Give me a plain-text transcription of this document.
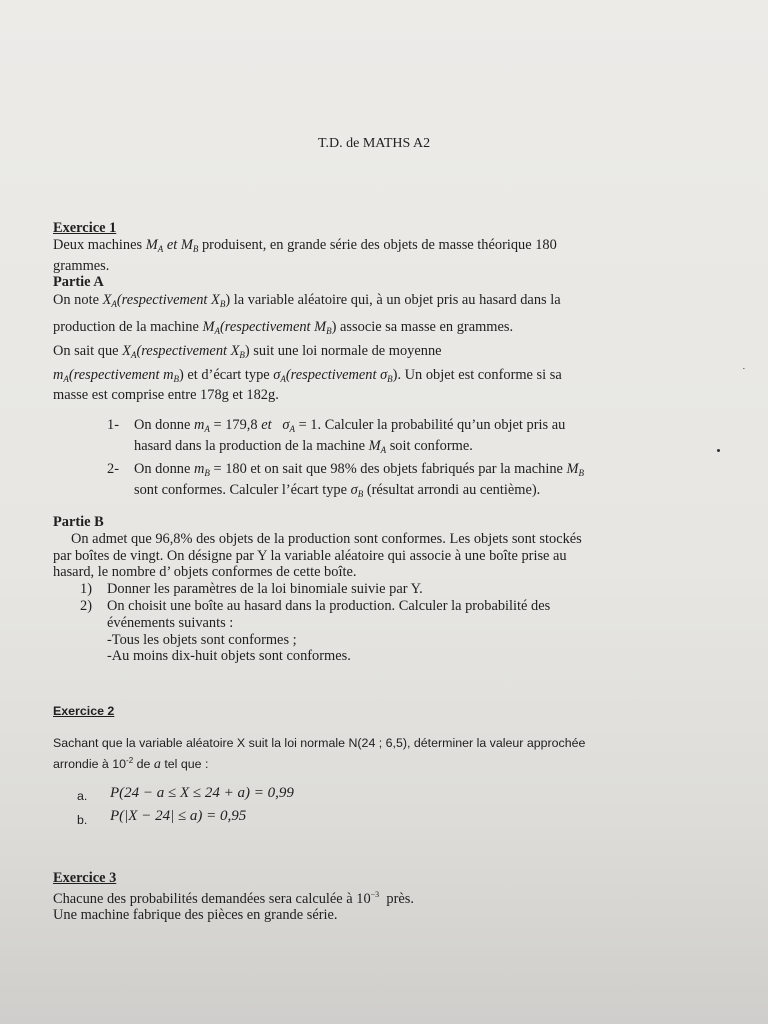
T.D. de MATHS A2
Exercice 1
Deux machines $M_A$ et $M_B$ produisent, en grande série des objets de masse théorique 180
grammes.
Partie A
On note $X_A(respectivement$ $X_B$) la variable aléatoire qui, à un objet pris au hasard dans la
production de la machine $M_A(respectivement$ $M_B$) associe sa masse en grammes.
On sait que $X_A(respectivement$ $X_B$) suit une loi normale de moyenne
$m_A(respectivement$ $m_B$) et d’écart type $\sigma_A(respectivement$ $\sigma_B$). Un objet est conforme si sa
masse est comprise entre 178g et 182g.
˙
1- On donne $m_A = 179,8$ et $\sigma_A = 1$. Calculer la probabilité qu’un objet pris au
hasard dans la production de la machine $M_A$ soit conforme.
2- On donne $m_B = 180$ et on sait que 98% des objets fabriqués par la machine $M_B$
sont conformes. Calculer l’écart type $\sigma_B$ (résultat arrondi au centième).
Partie B
On admet que 96,8% des objets de la production sont conformes. Les objets sont stockés
par boîtes de vingt. On désigne par Y la variable aléatoire qui associe à une boîte prise au
hasard, le nombre d’ objets conformes de cette boîte.
1) Donner les paramètres de la loi binomiale suivie par Y.
2)	On choisit une boîte au hasard dans la production. Calculer la probabilité des
événements suivants :
-Tous les objets sont conformes ;
-Au moins dix-huit objets sont conformes.
Exercice 2
Sachant que la variable aléatoire X suit la loi normale N(24 ; 6,5), déterminer la valeur approchée
arrondie à $10^{-2}$ de a tel que :
a. P(24 − a ≤ X ≤ 24 + a) = 0,99
b. P(|X − 24| ≤ a) = 0,95
Exercice 3
Chacune des probabilités demandées sera calculée à $10^{-3}$ près.
Une machine fabrique des pièces en grande série.
